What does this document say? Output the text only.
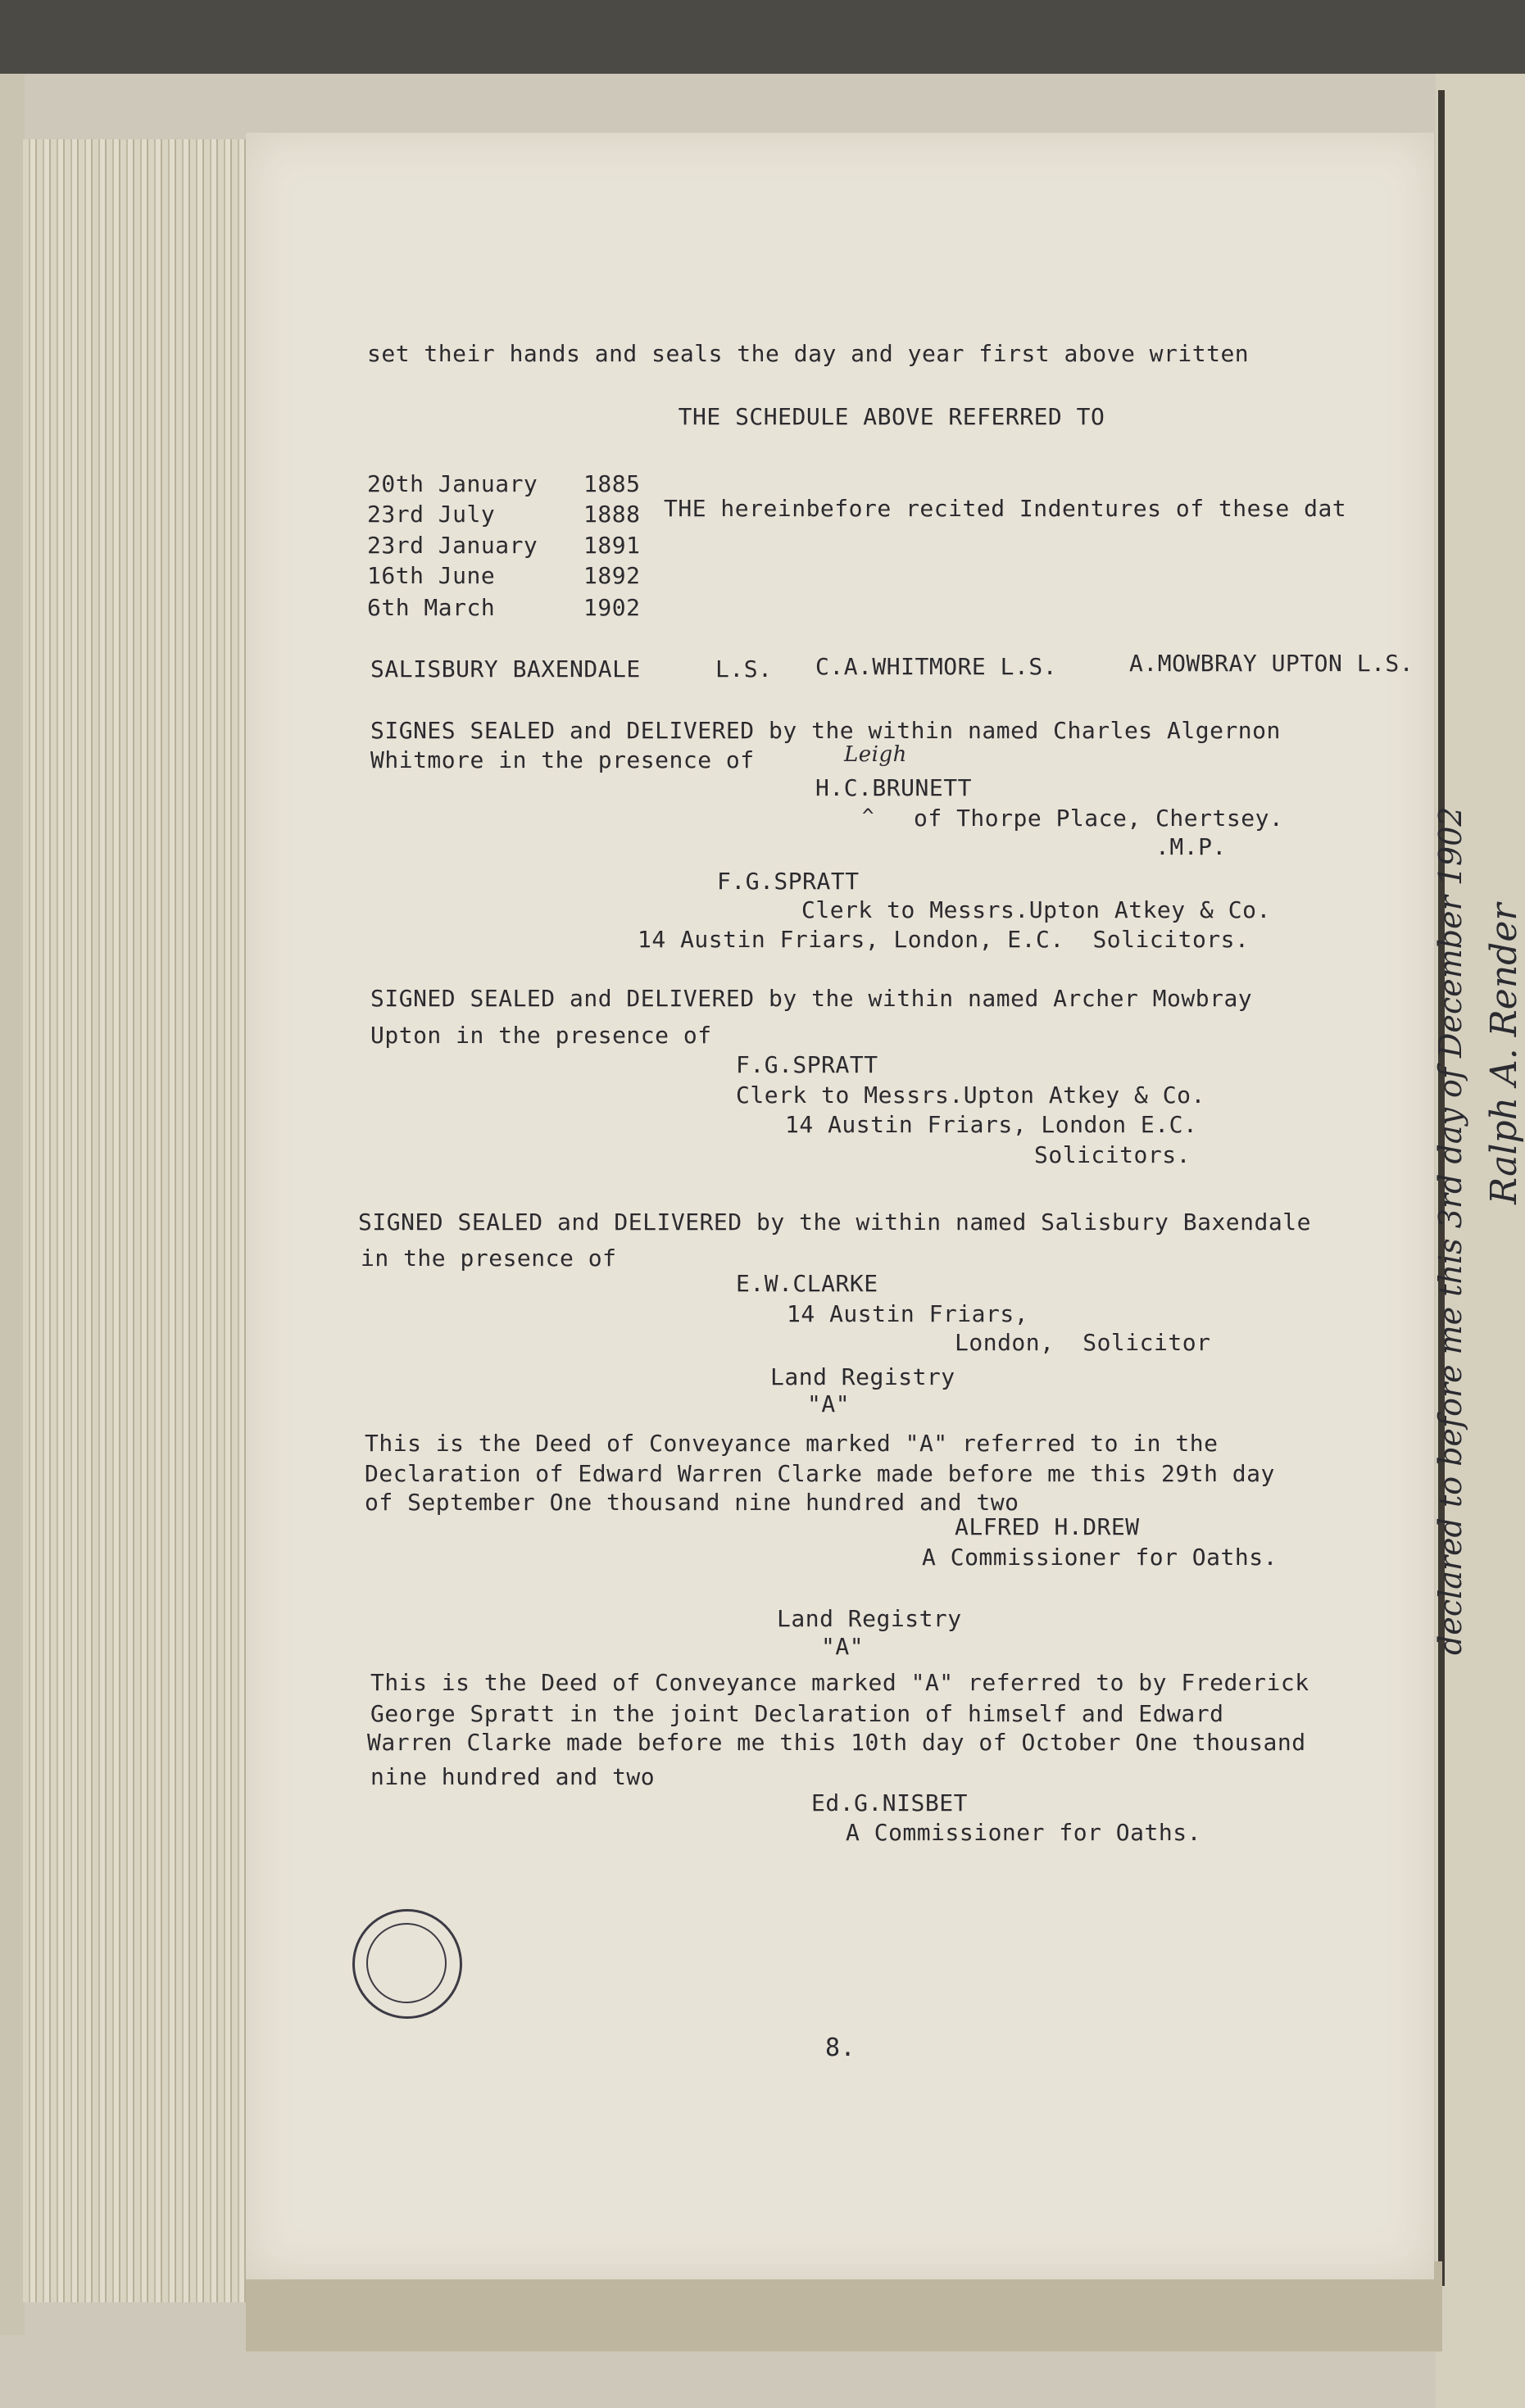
set their hands and seals the day and year first above written
THE SCHEDULE ABOVE REFERRED TO
20th January 1885
23rd July	1888 THE hereinbefore recited Indentures of these dat
23rd January 1891
16th June	1892
6th March	1902
SALISBURY BAXENDALE	L.S. C.A.WHITMORE L.S.	A.MOWBRAY UPTON L.S.
SIGNES SEALED and DELIVERED by the within named Charles Algernon
Whitmore in the presence of	Leigh
H.C.BRUNETT
^ of Thorpe Place, Chertsey.
.M.P.
F.G.SPRATT
Clerk to Messrs.Upton Atkey & Co.
14 Austin Friars, London, E.C.  Solicitors.
SIGNED SEALED and DELIVERED by the within named Archer Mowbray
Upton in the presence of
F.G.SPRATT
Clerk to Messrs.Upton Atkey & Co.
14 Austin Friars, London E.C.
Solicitors.
SIGNED SEALED and DELIVERED by the within named Salisbury Baxendale
in the presence of
E.W.CLARKE
14 Austin Friars,
London,  Solicitor
Land Registry
"A"
This is the Deed of Conveyance marked "A" referred to in the
Declaration of Edward Warren Clarke made before me this 29th day
of September One thousand nine hundred and two
ALFRED H.DREW
A Commissioner for Oaths.
Land Registry
"A"
This is the Deed of Conveyance marked "A" referred to by Frederick
George Spratt in the joint Declaration of himself and Edward
Warren Clarke made before me this 10th day of October One thousand
nine hundred and two
Ed.G.NISBET
A Commissioner for Oaths.
8.
declared to before me this 3rd day of December 1902 Ralph A. Render
